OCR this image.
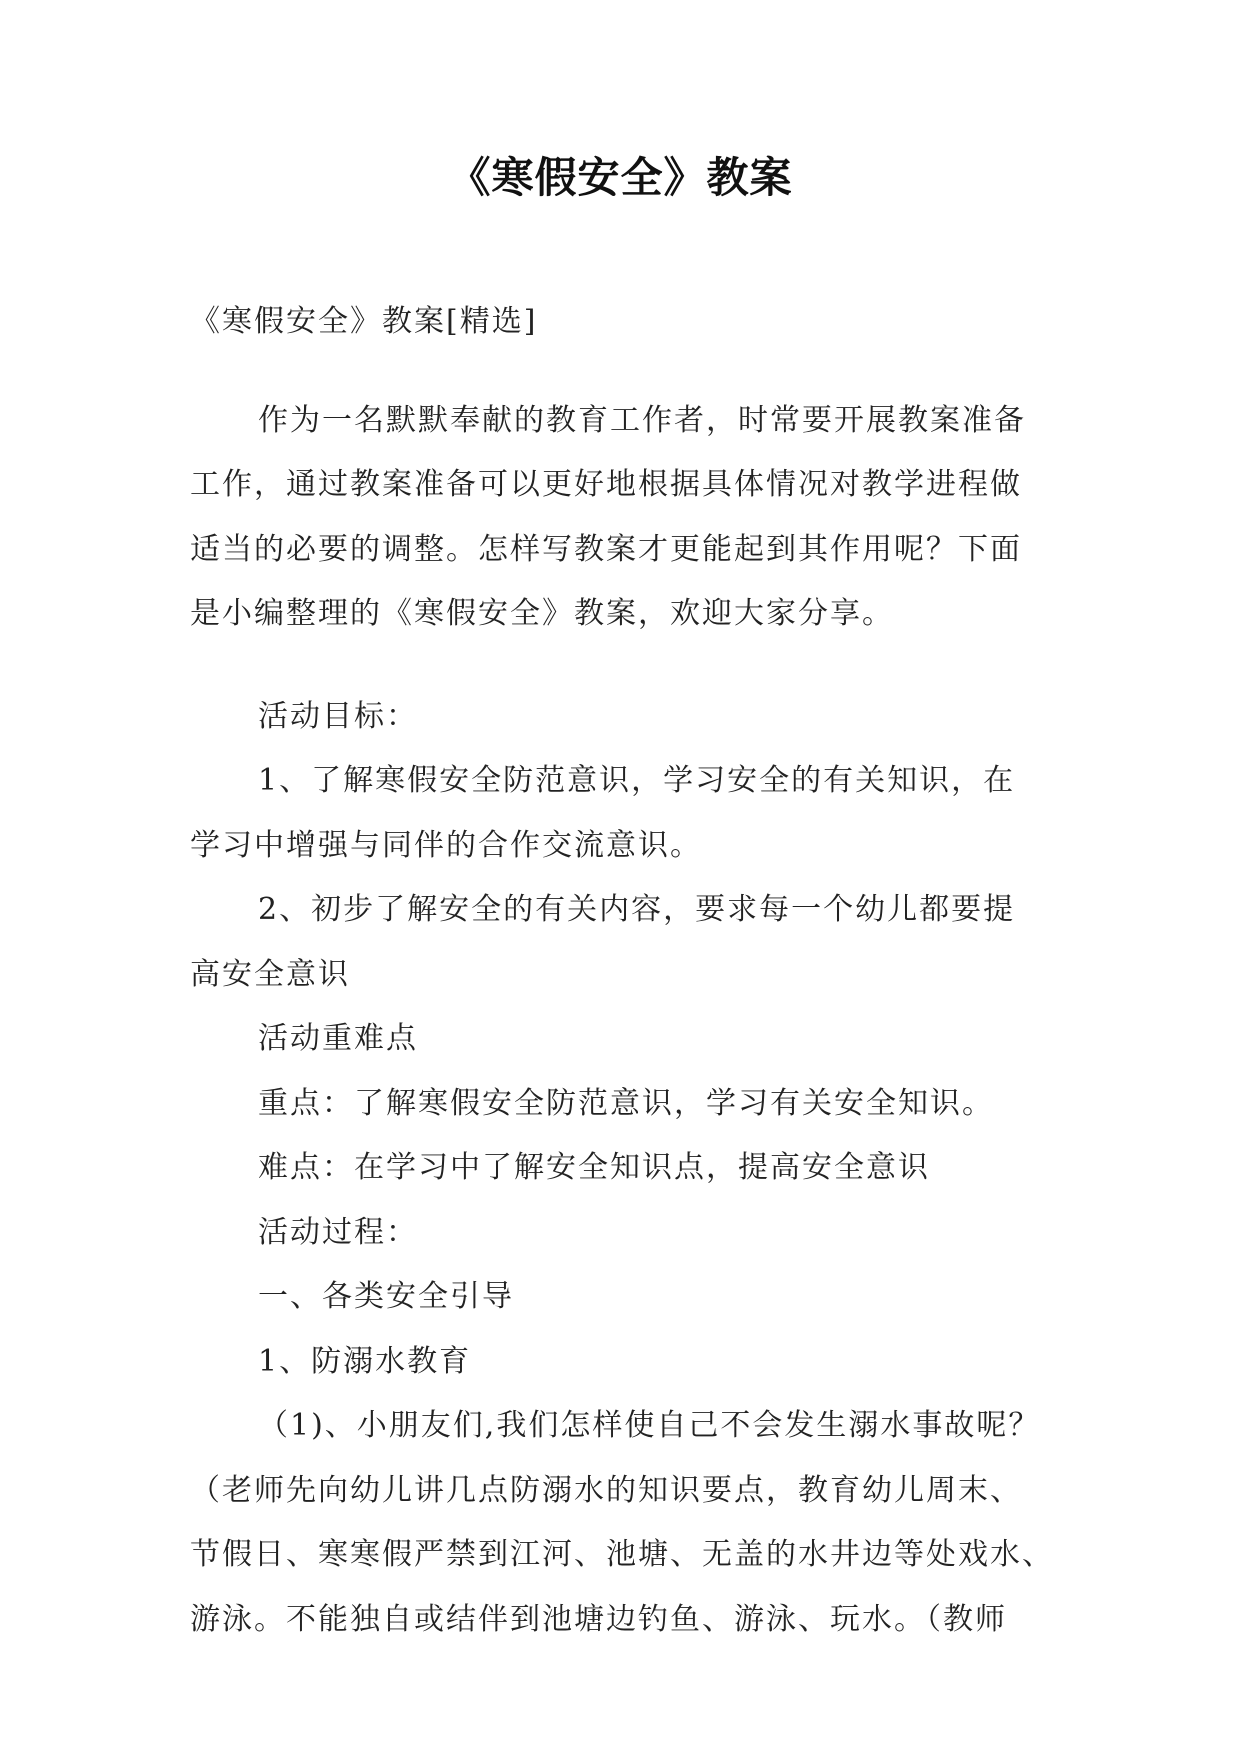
《寒假安全》教案
《寒假安全》教案[精选]
作为一名默默奉献的教育工作者，时常要开展教案准备
工作，通过教案准备可以更好地根据具体情况对教学进程做
适当的必要的调整。怎样写教案才更能起到其作用呢？下面
是小编整理的《寒假安全》教案，欢迎大家分享。
活动目标：
1、了解寒假安全防范意识，学习安全的有关知识，在
学习中增强与同伴的合作交流意识。
2、初步了解安全的有关内容，要求每一个幼儿都要提
高安全意识
活动重难点
重点：了解寒假安全防范意识，学习有关安全知识。
难点：在学习中了解安全知识点，提高安全意识
活动过程：
一、各类安全引导
1、防溺水教育
（1)、小朋友们,我们怎样使自己不会发生溺水事故呢？
（老师先向幼儿讲几点防溺水的知识要点，教育幼儿周末、
节假日、寒寒假严禁到江河、池塘、无盖的水井边等处戏水、
游泳。不能独自或结伴到池塘边钓鱼、游泳、玩水。（教师
